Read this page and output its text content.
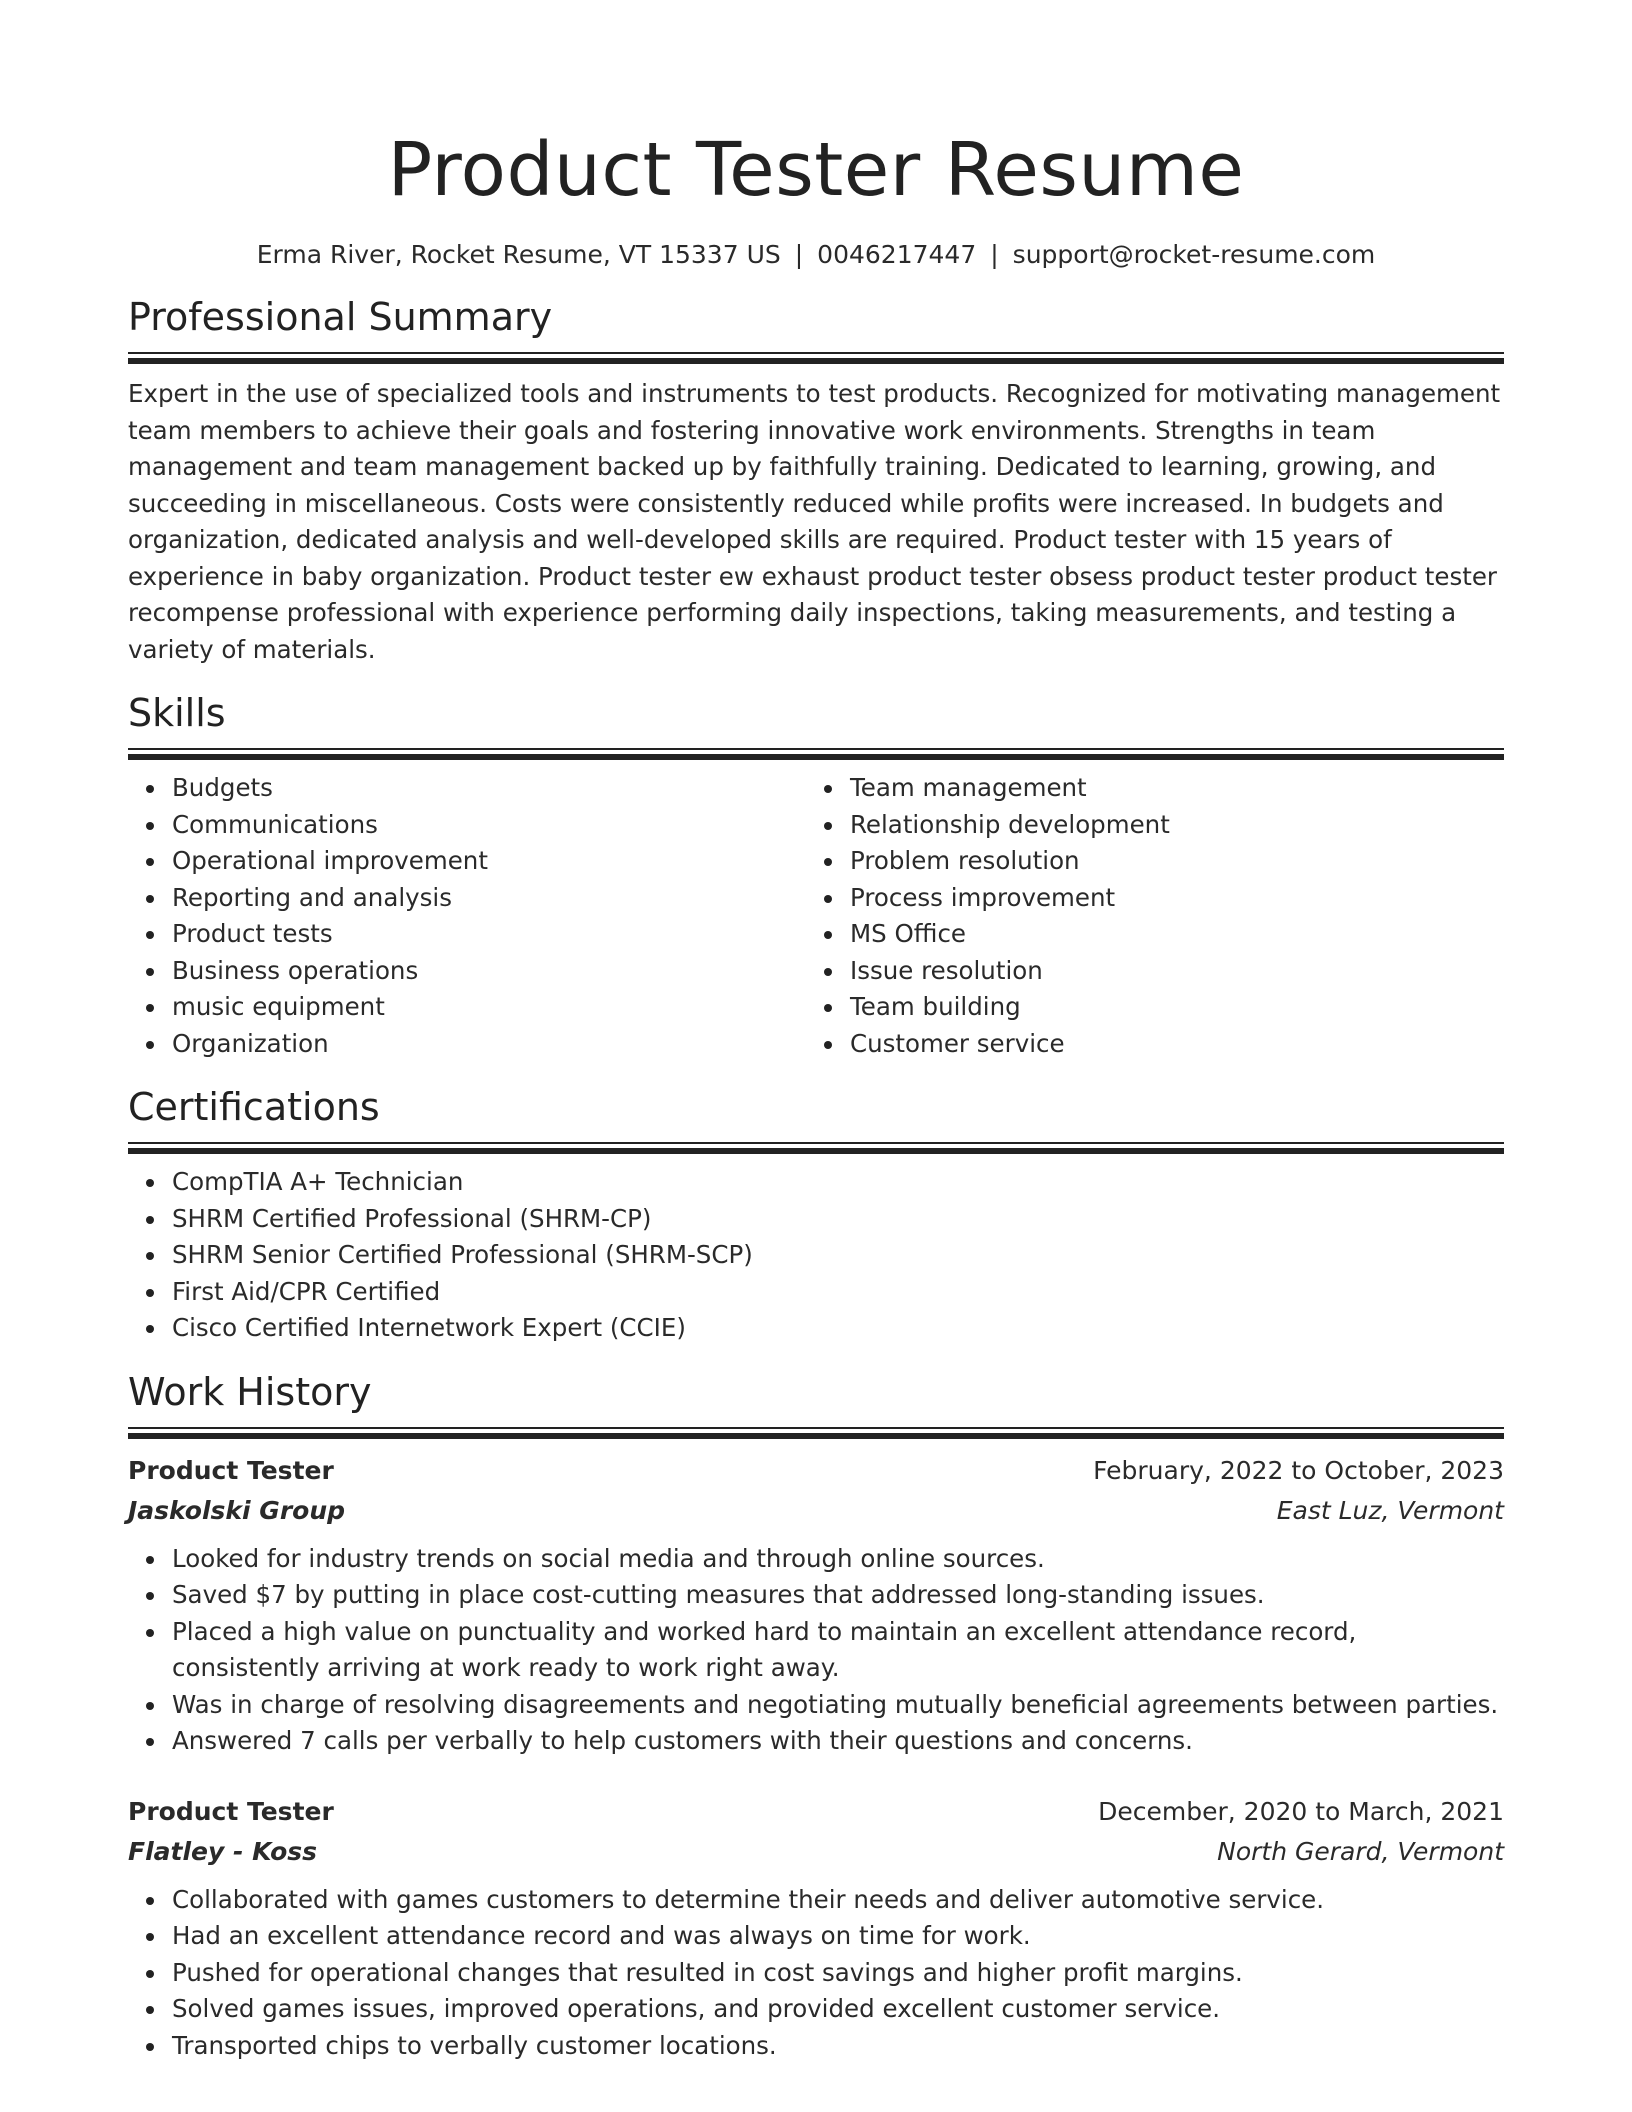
Product Tester Resume
Erma River, Rocket Resume, VT 15337 US | 0046217447 | support@rocket-resume.com
Professional Summary
Expert in the use of specialized tools and instruments to test products. Recognized for motivating management team members to achieve their goals and fostering innovative work environments. Strengths in team management and team management backed up by faithfully training. Dedicated to learning, growing, and succeeding in miscellaneous. Costs were consistently reduced while profits were increased. In budgets and organization, dedicated analysis and well-developed skills are required. Product tester with 15 years of experience in baby organization. Product tester ew exhaust product tester obsess product tester product tester recompense professional with experience performing daily inspections, taking measurements, and testing a variety of materials.
Skills
Budgets
Communications
Operational improvement
Reporting and analysis
Product tests
Business operations
music equipment
Organization
Team management
Relationship development
Problem resolution
Process improvement
MS Office
Issue resolution
Team building
Customer service
Certifications
CompTIA A+ Technician
SHRM Certified Professional (SHRM-CP)
SHRM Senior Certified Professional (SHRM-SCP)
First Aid/CPR Certified
Cisco Certified Internetwork Expert (CCIE)
Work History
Product Tester	February, 2022 to October, 2023
Jaskolski Group	East Luz, Vermont
Looked for industry trends on social media and through online sources.
Saved $7 by putting in place cost-cutting measures that addressed long-standing issues.
Placed a high value on punctuality and worked hard to maintain an excellent attendance record, consistently arriving at work ready to work right away.
Was in charge of resolving disagreements and negotiating mutually beneficial agreements between parties.
Answered 7 calls per verbally to help customers with their questions and concerns.
Product Tester	December, 2020 to March, 2021
Flatley - Koss	North Gerard, Vermont
Collaborated with games customers to determine their needs and deliver automotive service.
Had an excellent attendance record and was always on time for work.
Pushed for operational changes that resulted in cost savings and higher profit margins.
Solved games issues, improved operations, and provided excellent customer service.
Transported chips to verbally customer locations.
